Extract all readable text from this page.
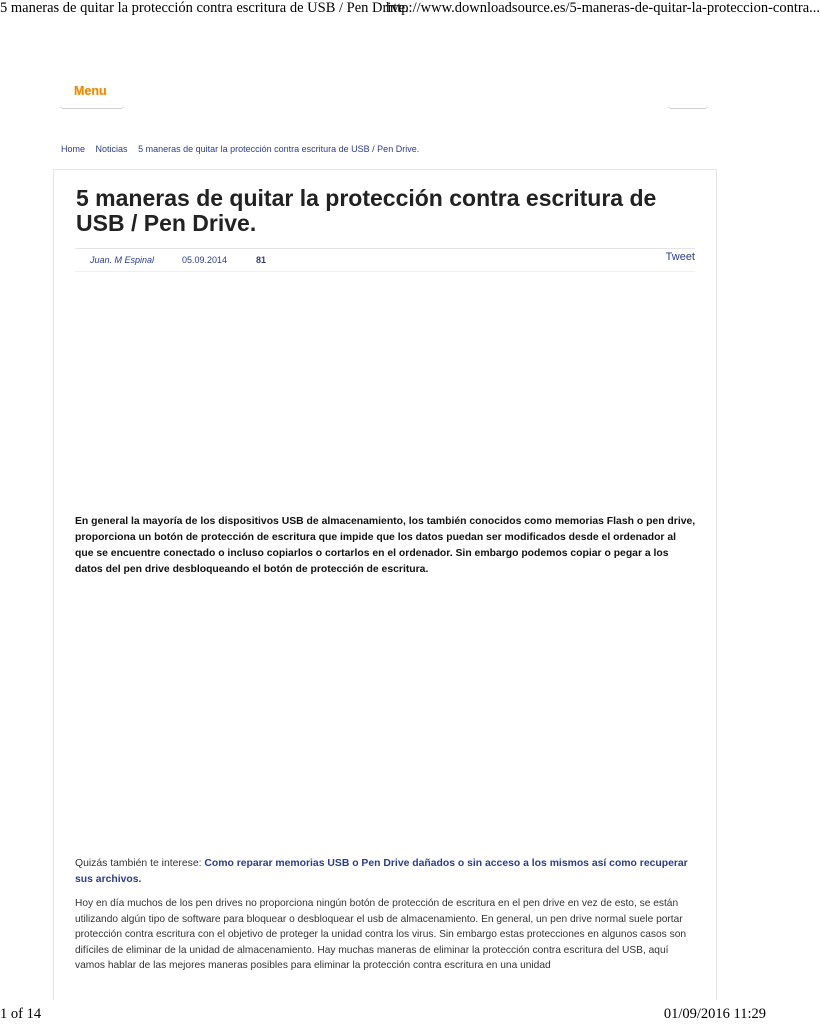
5 maneras de quitar la protección contra escritura de USB / Pen Drive.
http://www.downloadsource.es/5-maneras-de-quitar-la-proteccion-contra...
Menu
Home Noticias 5 maneras de quitar la protección contra escritura de USB / Pen Drive.
5 maneras de quitar la protección contra escritura de USB / Pen Drive.
Juan. M Espinal	05.09.2014	81	Tweet

En general la mayoría de los dispositivos USB de almacenamiento, los también conocidos como memorias Flash o pen drive, proporciona un botón de protección de escritura que impide que los datos puedan ser modificados desde el ordenador al que se encuentre conectado o incluso copiarlos o cortarlos en el ordenador. Sin embargo podemos copiar o pegar a los datos del pen drive desbloqueando el botón de protección de escritura.

Quizás también te interese: Como reparar memorias USB o Pen Drive dañados o sin acceso a los mismos así como recuperar sus archivos.

Hoy en día muchos de los pen drives no proporciona ningún botón de protección de escritura en el pen drive en vez de esto, se están utilizando algún tipo de software para bloquear o desbloquear el usb de almacenamiento. En general, un pen drive normal suele portar protección contra escritura con el objetivo de proteger la unidad contra los virus. Sin embargo estas protecciones en algunos casos son difíciles de eliminar de la unidad de almacenamiento. Hay muchas maneras de eliminar la protección contra escritura del USB, aquí vamos hablar de las mejores maneras posibles para eliminar la protección contra escritura en una unidad

1 of 14	01/09/2016 11:29
